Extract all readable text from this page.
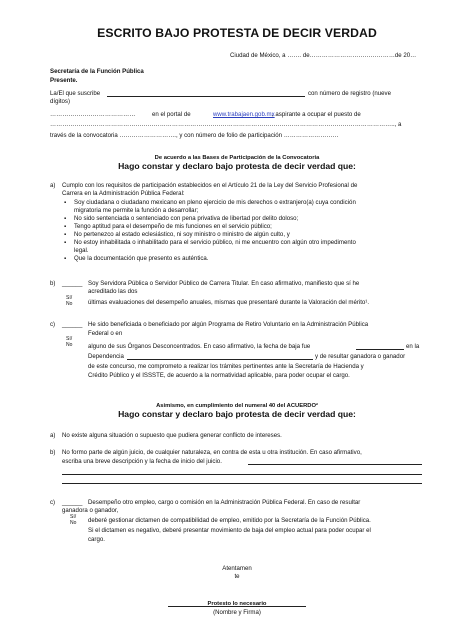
ESCRITO BAJO PROTESTA DE DECIR VERDAD
Ciudad de México, a ……. de……………………………………de 20…
Secretaría de la Función Pública
Presente.
La/El que suscribe	con número de registro (nueve
dígitos)
……………………………………	en el portal de	www.trabajaen.gob.mx
, aspirante a ocupar el puesto de
…………………………………………………………………………………………………………………………………………………….., a
través de la convocatoria ………………………., y con número de folio de participación ………………………
De acuerdo a las Bases de Participación de la Convocatoria
Hago constar y declaro bajo protesta de decir verdad que:
a) Cumplo con los requisitos de participación establecidos en el Artículo 21 de la Ley del Servicio Profesional de
Carrera en la Administración Pública Federal:
▪ Soy ciudadana o ciudadano mexicano en pleno ejercicio de mis derechos o extranjero(a) cuya condición
migratoria me permite la función a desarrollar;
▪ No sido sentenciada o sentenciado con pena privativa de libertad por delito doloso;
▪ Tengo aptitud para el desempeño de mis funciones en el servicio público;
▪ No pertenezco al estado eclesiástico, ni soy ministro o ministro de algún culto, y
▪ No estoy inhabilitada o inhabilitado para el servicio público, ni me encuentro con algún otro impedimento
legal.
▪ Que la documentación que presento es auténtica.
b) ______ Soy Servidora Pública o Servidor Público de Carrera Titular. En caso afirmativo, manifiesto que sí he
acreditado las dos
Sí/
No	últimas evaluaciones del desempeño anuales, mismas que presentaré durante la Valoración del mérito¹.
c) ______ He sido beneficiada o beneficiado por algún Programa de Retiro Voluntario en la Administración Pública
Federal o en
Sí/
No	alguno de sus Órganos Desconcentrados. En caso afirmativo, la fecha de baja fue	en la
Dependencia	y de resultar ganadora o ganador
de este concurso, me comprometo a realizar los trámites pertinentes ante la Secretaría de Hacienda y
Crédito Público y el ISSSTE, de acuerdo a la normatividad aplicable, para poder ocupar el cargo.
Asimismo, en cumplimiento del numeral 40 del ACUERDO²
Hago constar y declaro bajo protesta de decir verdad que:
a) No existe alguna situación o supuesto que pudiera generar conflicto de intereses.
b) No formo parte de algún juicio, de cualquier naturaleza, en contra de esta u otra institución. En caso afirmativo,
escriba una breve descripción y la fecha de inicio del juicio.
c) ______ Desempeño otro empleo, cargo o comisión en la Administración Pública Federal. En caso de resultar
ganadora o ganador,
Sí/
No deberé gestionar dictamen de compatibilidad de empleo, emitido por la Secretaría de la Función Pública.
Si el dictamen es negativo, deberé presentar movimiento de baja del empleo actual para poder ocupar el
cargo.
Atentamen
te
Protesto lo necesario
(Nombre y Firma)
